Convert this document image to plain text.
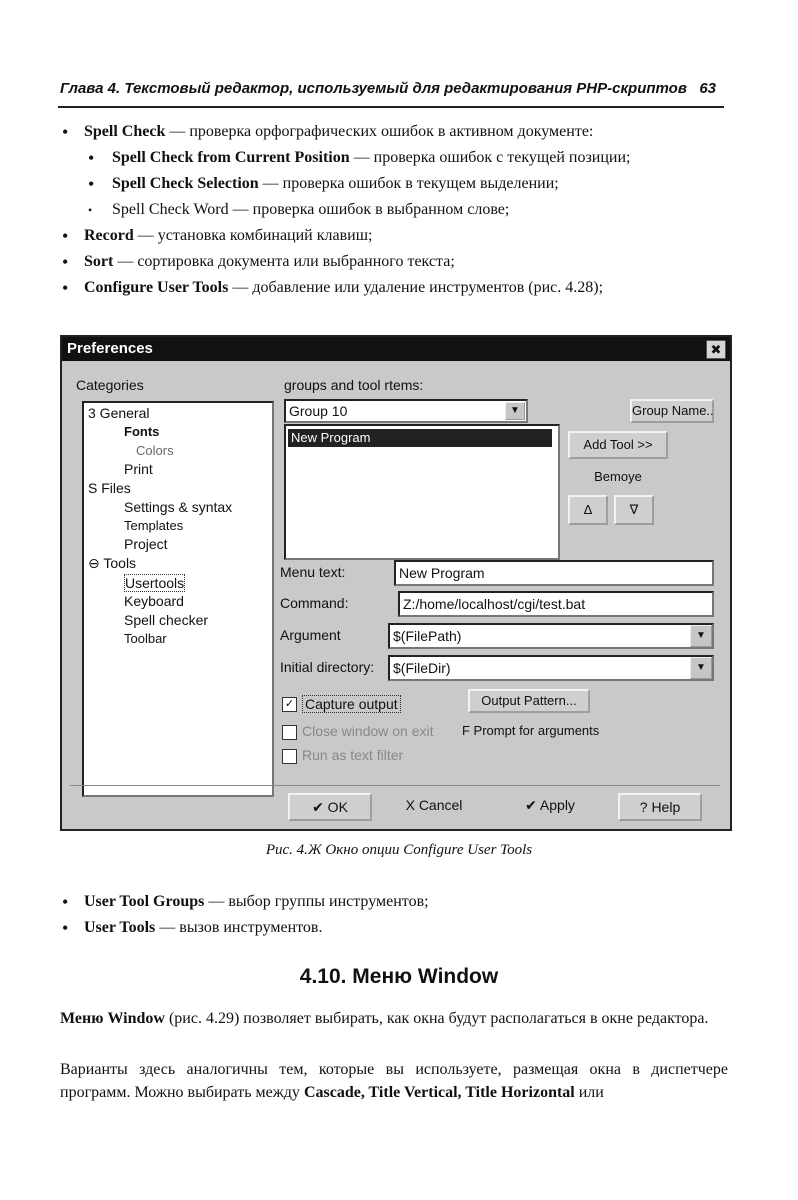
Глава 4. Текстовый редактор, используемый для редактирования PHP-скриптов 63
• Spell Check — проверка орфографических ошибок в активном документе:
• Spell Check from Current Position — проверка ошибок с текущей позиции;
• Spell Check Selection — проверка ошибок в текущем выделении;
• Spell Check Word — проверка ошибок в выбранном слове;
• Record — установка комбинаций клавиш;
• Sort — сортировка документа или выбранного текста;
• Configure User Tools — добавление или удаление инструментов (рис. 4.28);
Preferences	✖
Categories
3 General
Fonts
Colors
Print
S Files
Settings & syntax
Templates
Project
⊖ Tools
Usertools
Keyboard
Spell checker
Toolbar
groups and tool rtems:
Group 10	▼	Group Name..
New Program	Add Tool >>
Bemoye
Δ	∇
Menu text:	New Program
Command:	Z:/home/localhost/cgi/test.bat
Argument	$(FilePath)	▼
Initial directory:	$(FileDir)	▼
✓ Capture output	Output Pattern...
Close window on exit F Prompt for arguments
Run as text filter
✔ OK	X Cancel	✔ Apply	? Help
Рис. 4.Ж Окно опции Configure User Tools
• User Tool Groups — выбор группы инструментов;
• User Tools — вызов инструментов.
4.10. Меню Window

Меню Window (рис. 4.29) позволяет выбирать, как окна будут располагаться в окне редактора.

Варианты здесь аналогичны тем, которые вы используете, размещая окна в диспетчере программ. Можно выбирать между Cascade, Title Vertical, Title Horizontal или
